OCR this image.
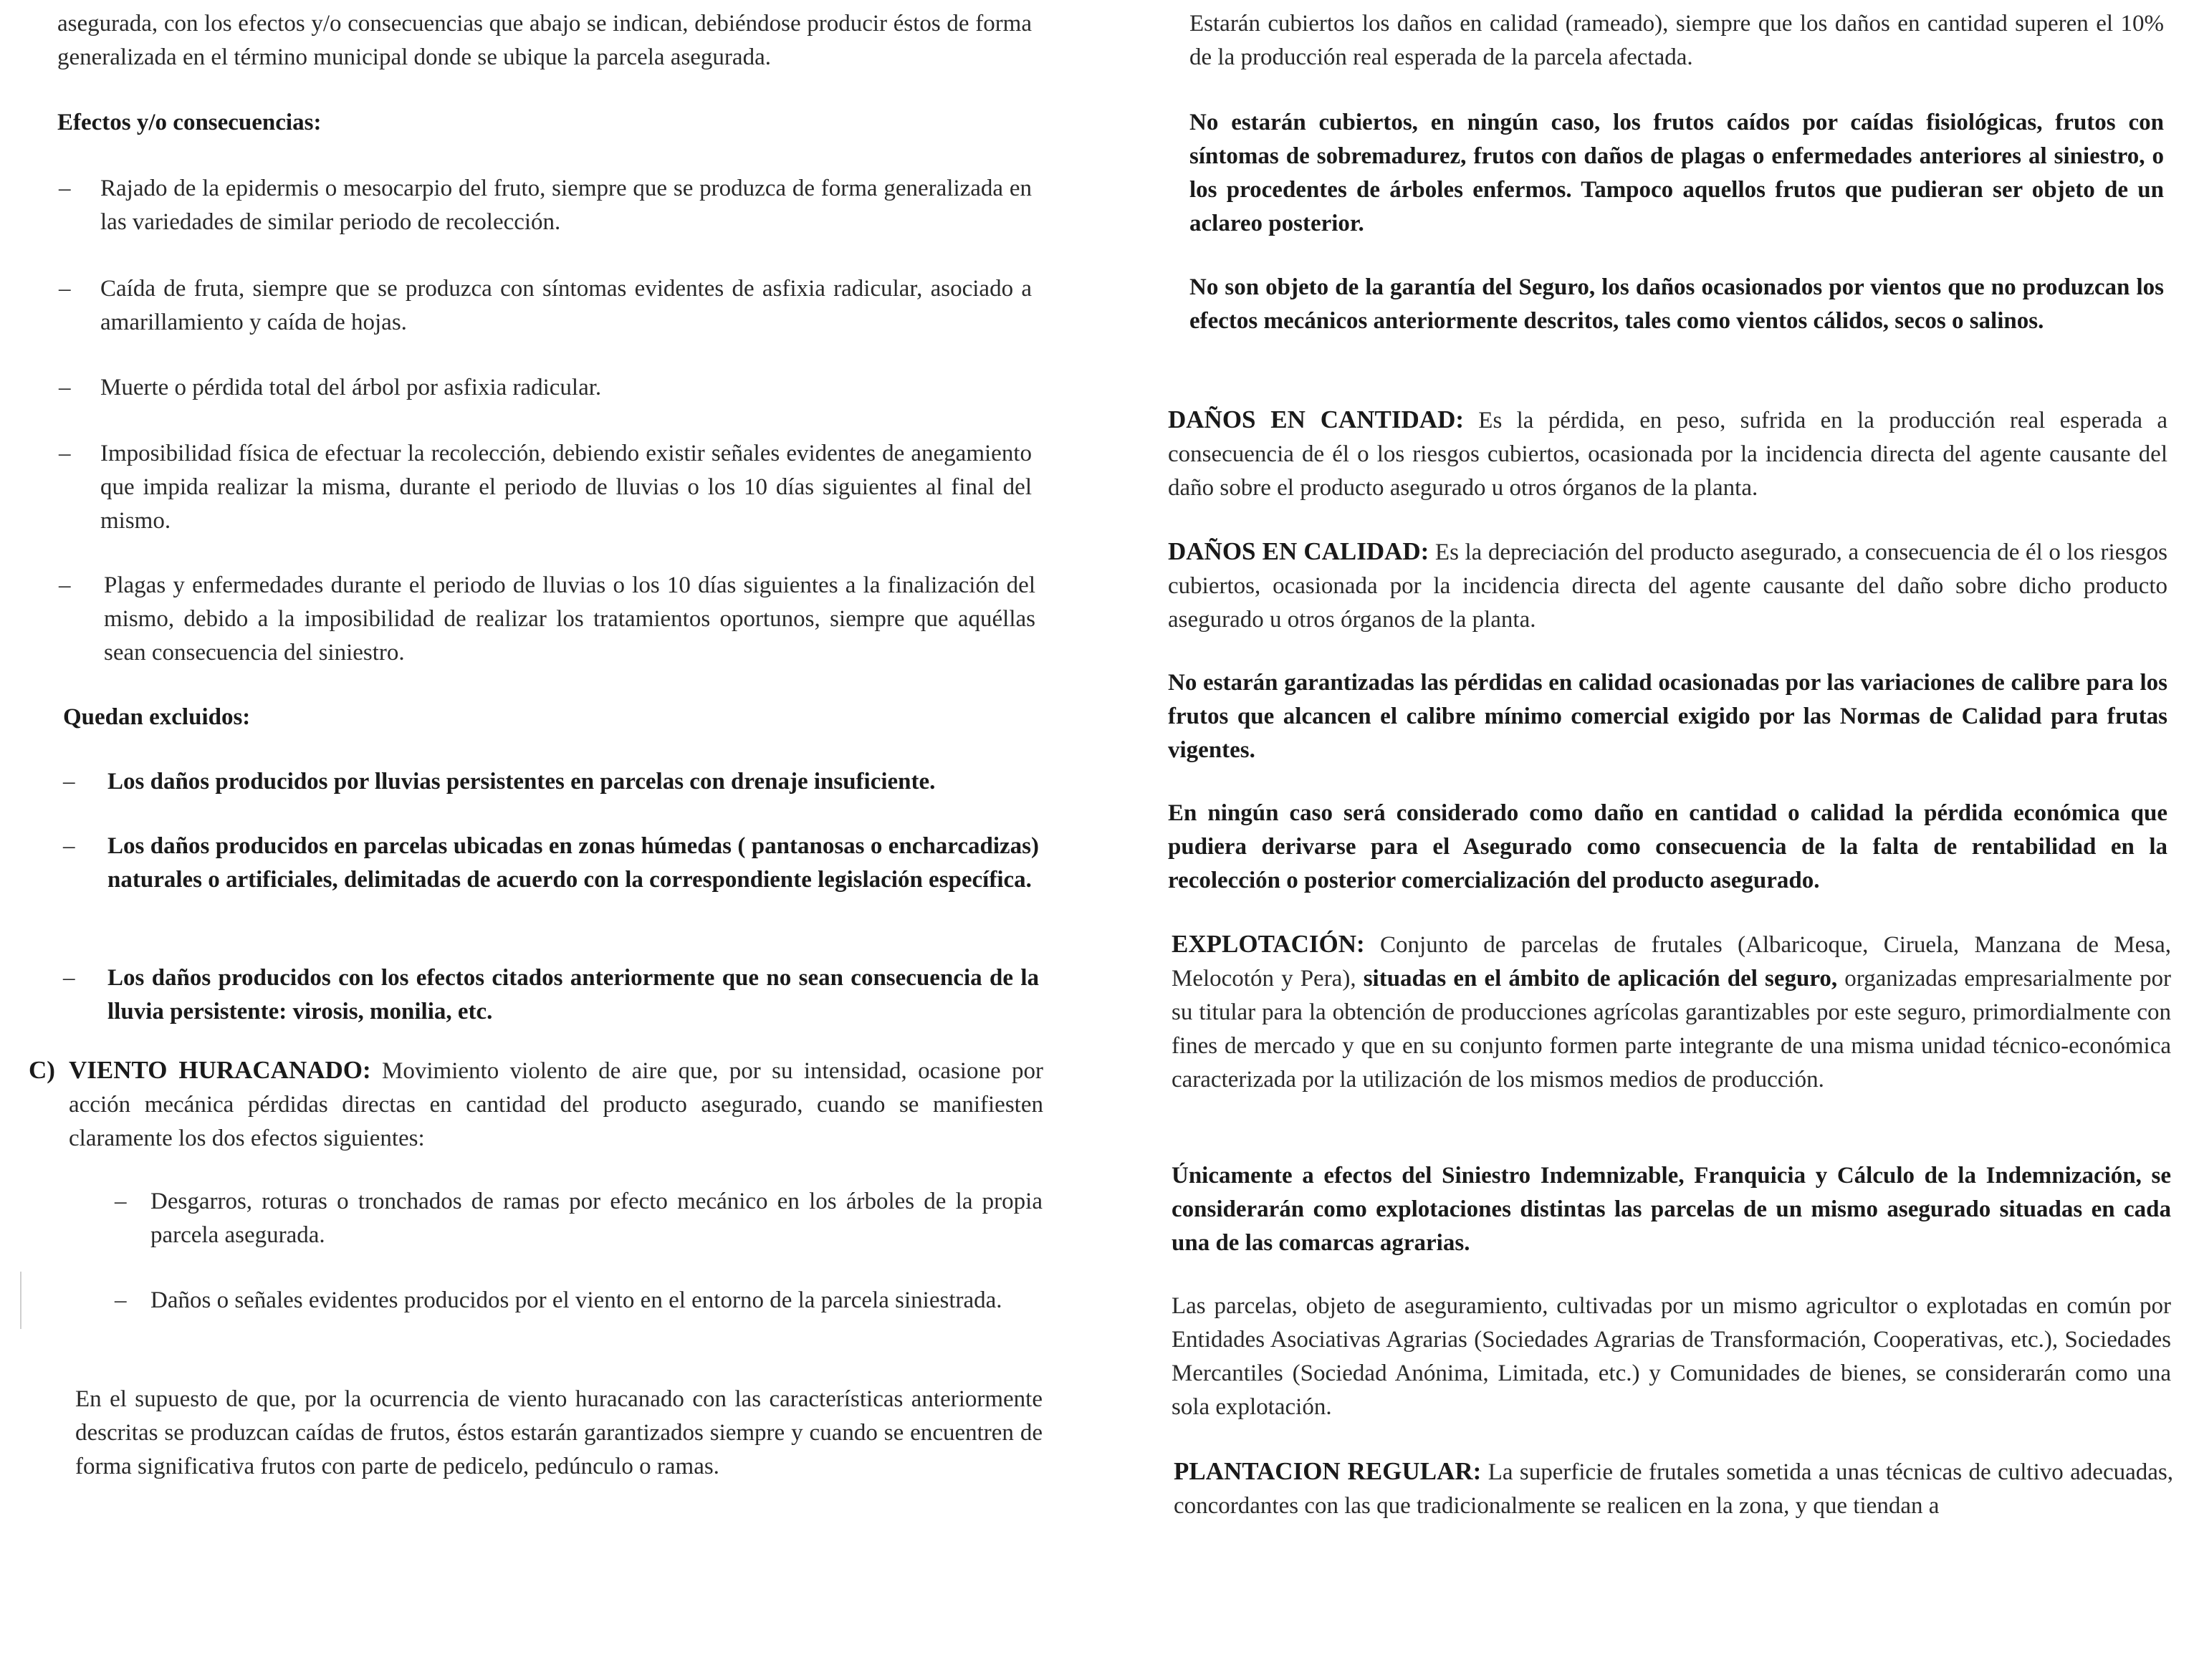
asegurada, con los efectos y/o consecuencias que abajo se indican, debiéndose producir éstos de forma generalizada en el término municipal donde se ubique la parcela asegurada.

Efectos y/o consecuencias:

– Rajado de la epidermis o mesocarpio del fruto, siempre que se produzca de forma generalizada en las variedades de similar periodo de recolección.

– Caída de fruta, siempre que se produzca con síntomas evidentes de asfixia radicular, asociado a amarillamiento y caída de hojas.

– Muerte o pérdida total del árbol por asfixia radicular.

– Imposibilidad física de efectuar la recolección, debiendo existir señales evidentes de anegamiento que impida realizar la misma, durante el periodo de lluvias o los 10 días siguientes al final del mismo.

– Plagas y enfermedades durante el periodo de lluvias o los 10 días siguientes a la finalización del mismo, debido a la imposibilidad de realizar los tratamientos oportunos, siempre que aquéllas sean consecuencia del siniestro.

Quedan excluidos:

– Los daños producidos por lluvias persistentes en parcelas con drenaje insuficiente.

– Los daños producidos en parcelas ubicadas en zonas húmedas ( pantanosas o encharcadizas) naturales o artificiales, delimitadas de acuerdo con la correspondiente legislación específica.

– Los daños producidos con los efectos citados anteriormente que no sean consecuencia de la lluvia persistente: virosis, monilia, etc.

C) VIENTO HURACANADO: Movimiento violento de aire que, por su intensidad, ocasione por acción mecánica pérdidas directas en cantidad del producto asegurado, cuando se manifiesten claramente los dos efectos siguientes:

– Desgarros, roturas o tronchados de ramas por efecto mecánico en los árboles de la propia parcela asegurada.

– Daños o señales evidentes producidos por el viento en el entorno de la parcela siniestrada.

En el supuesto de que, por la ocurrencia de viento huracanado con las características anteriormente descritas se produzcan caídas de frutos, éstos estarán garantizados siempre y cuando se encuentren de forma significativa frutos con parte de pedicelo, pedúnculo o ramas.

Estarán cubiertos los daños en calidad (rameado), siempre que los daños en cantidad superen el 10% de la producción real esperada de la parcela afectada.

No estarán cubiertos, en ningún caso, los frutos caídos por caídas fisiológicas, frutos con síntomas de sobremadurez, frutos con daños de plagas o enfermedades anteriores al siniestro, o los procedentes de árboles enfermos. Tampoco aquellos frutos que pudieran ser objeto de un aclareo posterior.

No son objeto de la garantía del Seguro, los daños ocasionados por vientos que no produzcan los efectos mecánicos anteriormente descritos, tales como vientos cálidos, secos o salinos.

DAÑOS EN CANTIDAD: Es la pérdida, en peso, sufrida en la producción real esperada a consecuencia de él o los riesgos cubiertos, ocasionada por la incidencia directa del agente causante del daño sobre el producto asegurado u otros órganos de la planta.

DAÑOS EN CALIDAD: Es la depreciación del producto asegurado, a consecuencia de él o los riesgos cubiertos, ocasionada por la incidencia directa del agente causante del daño sobre dicho producto asegurado u otros órganos de la planta.

No estarán garantizadas las pérdidas en calidad ocasionadas por las variaciones de calibre para los frutos que alcancen el calibre mínimo comercial exigido por las Normas de Calidad para frutas vigentes.

En ningún caso será considerado como daño en cantidad o calidad la pérdida económica que pudiera derivarse para el Asegurado como consecuencia de la falta de rentabilidad en la recolección o posterior comercialización del producto asegurado.

EXPLOTACIÓN: Conjunto de parcelas de frutales (Albaricoque, Ciruela, Manzana de Mesa, Melocotón y Pera), situadas en el ámbito de aplicación del seguro, organizadas empresarialmente por su titular para la obtención de producciones agrícolas garantizables por este seguro, primordialmente con fines de mercado y que en su conjunto formen parte integrante de una misma unidad técnico-económica caracterizada por la utilización de los mismos medios de producción.

Únicamente a efectos del Siniestro Indemnizable, Franquicia y Cálculo de la Indemnización, se considerarán como explotaciones distintas las parcelas de un mismo asegurado situadas en cada una de las comarcas agrarias.

Las parcelas, objeto de aseguramiento, cultivadas por un mismo agricultor o explotadas en común por Entidades Asociativas Agrarias (Sociedades Agrarias de Transformación, Cooperativas, etc.), Sociedades Mercantiles (Sociedad Anónima, Limitada, etc.) y Comunidades de bienes, se considerarán como una sola explotación.

PLANTACION REGULAR: La superficie de frutales sometida a unas técnicas de cultivo adecuadas, concordantes con las que tradicionalmente se realicen en la zona, y que tiendan a
